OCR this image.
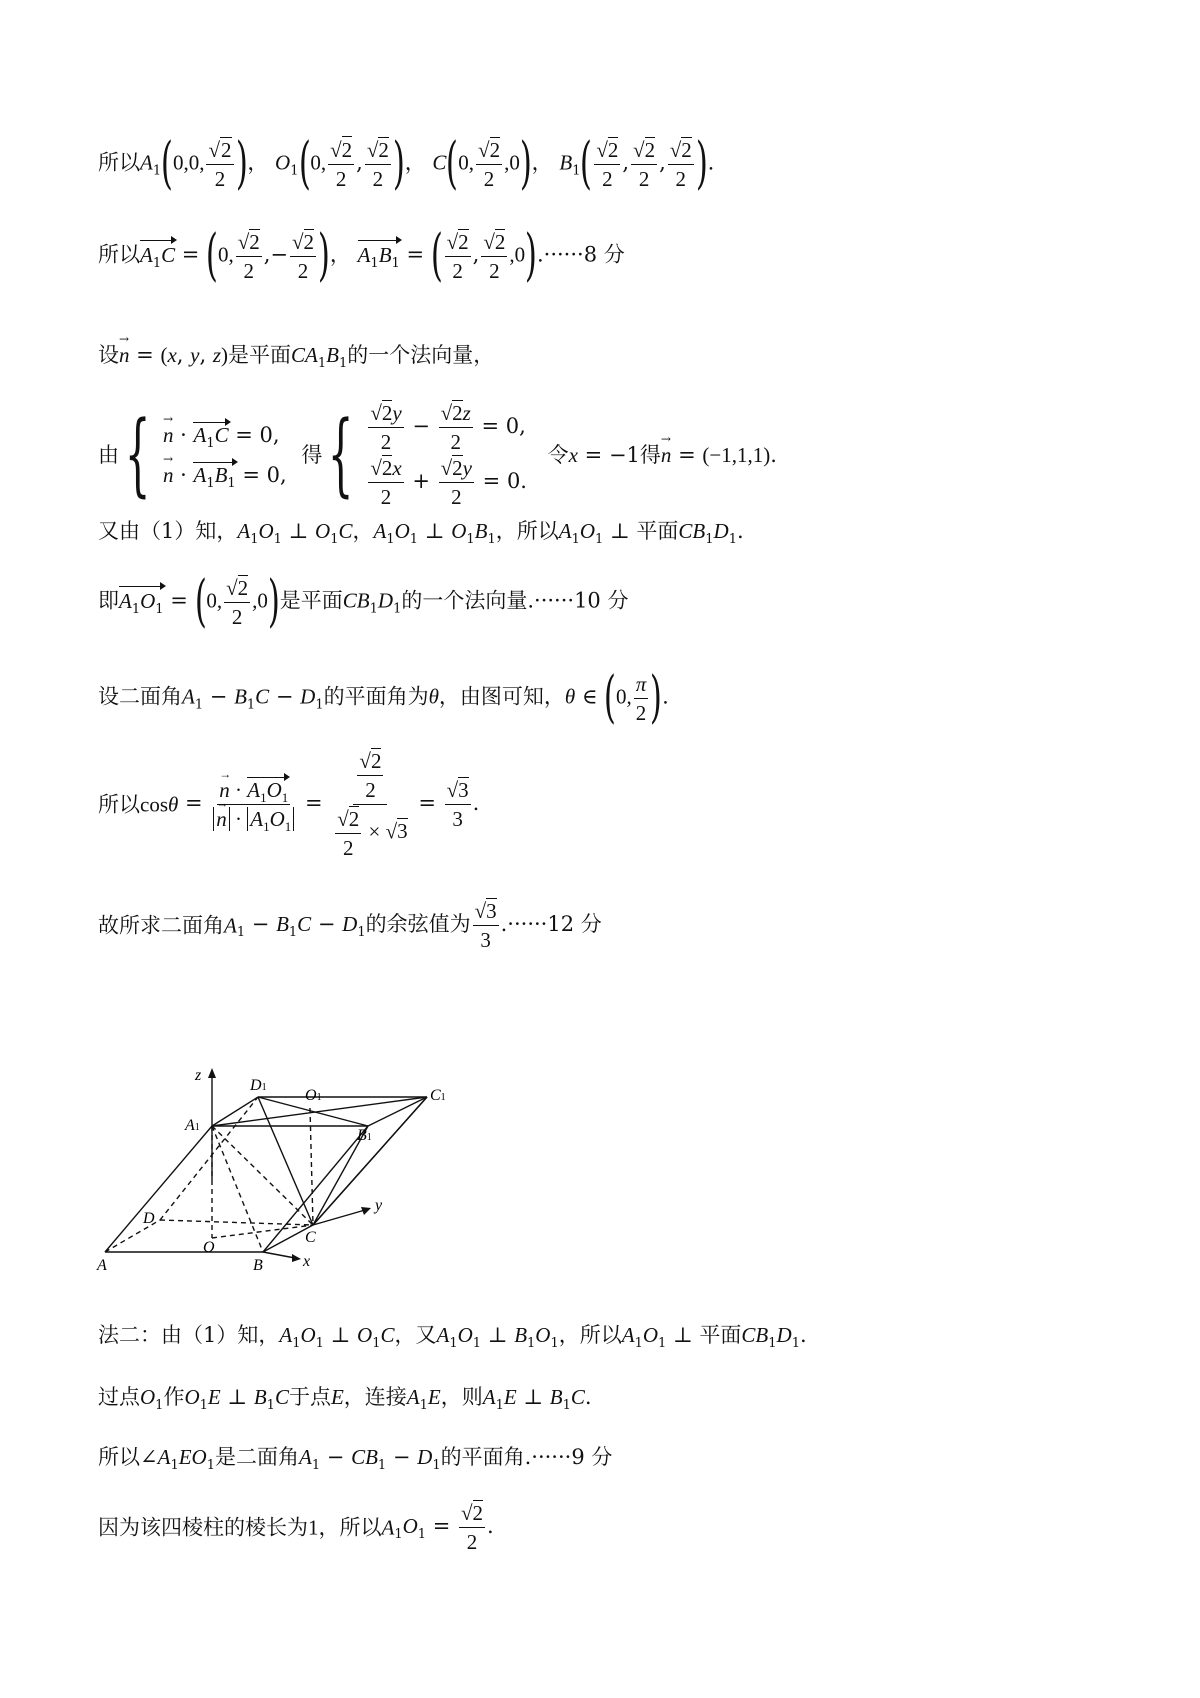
所以$A_1(0,0$, $\frac{√2}{2}$ )， $O_1(0$, $\frac{√2}{2}$ , $\frac{√2}{2}$ )， C(0, $\frac{√2}{2} ,0$)， $B_1( \frac{√2}{2}$ , $\frac{√2}{2}$ , $\frac{√2}{2}$ ).
所以$A_1C = (0$, $\frac{√2}{2}$ ,− $\frac{√2}{2}$ )， $A_1B_1$ = ( $\frac{√2}{2}$ , $\frac{√2}{2} ,0).\cdot\cdot\cdot\cdot\cdot\cdot 8$ 分
设→ n = (x, y, z)是平面$CA_1B_1$的一个法向量，
由{ → $n \cdot A_1C = 0$,
→ $n \cdot A_1B_1 = 0$,
得{ $\frac{√2y}{2} - \frac{√2z}{2} = 0$,
$\frac{√2x}{2} + \frac{√2y}{2} = 0$.
令x = −1得→ n = (−1,1,1).
又由（1）知，$A_1O_1$ ⊥ $O_1C$，$A_1O_1$ ⊥ $O_1B_1$，所以$A_1O_1$ ⊥ 平面$CB_1D_1$.
即$A_1O_1 = (0$, $\frac{√2}{2} ,0$)是平面$CB_1D_1$的一个法向量.······10 分
设二面角$A_1 - B_1C - D_1$的平面角为θ，由图可知，θ ∈ (0, $\frac{\pi}{2}$ ).
所以cosθ = → $n \cdot A_1O_1$
→ $n \cdot A_1O_1 = \frac{\frac{√2}{2}}{\frac{√2}{2} \times √3} = \frac{√3}{3}$ .
故所求二面角$A_1 - B_1C - D_1$的余弦值为 $\frac{√3}{3} .\cdot\cdot\cdot\cdot\cdot\cdot 12$ 分
z
D1 O1	C1
A1	B1
D
C
y
A
O
B	x
法二：由（1）知，$A_1O_1$ ⊥ $O_1C$，又$A_1O_1$ ⊥ $B_1O_1$，所以$A_1O_1$ ⊥ 平面$CB_1D_1$.
过点$O_1$作$O_1E$ ⊥ $B_1C$于点E，连接$A_1E$，则$A_1E$ ⊥ $B_1C$.
所以$\angle A_1EO_1$是二面角$A_1 - CB_1 - D_1$的平面角.······9 分
因为该四棱柱的棱长为1，所以$A_1O_1 = \frac{√2}{2}$ .
